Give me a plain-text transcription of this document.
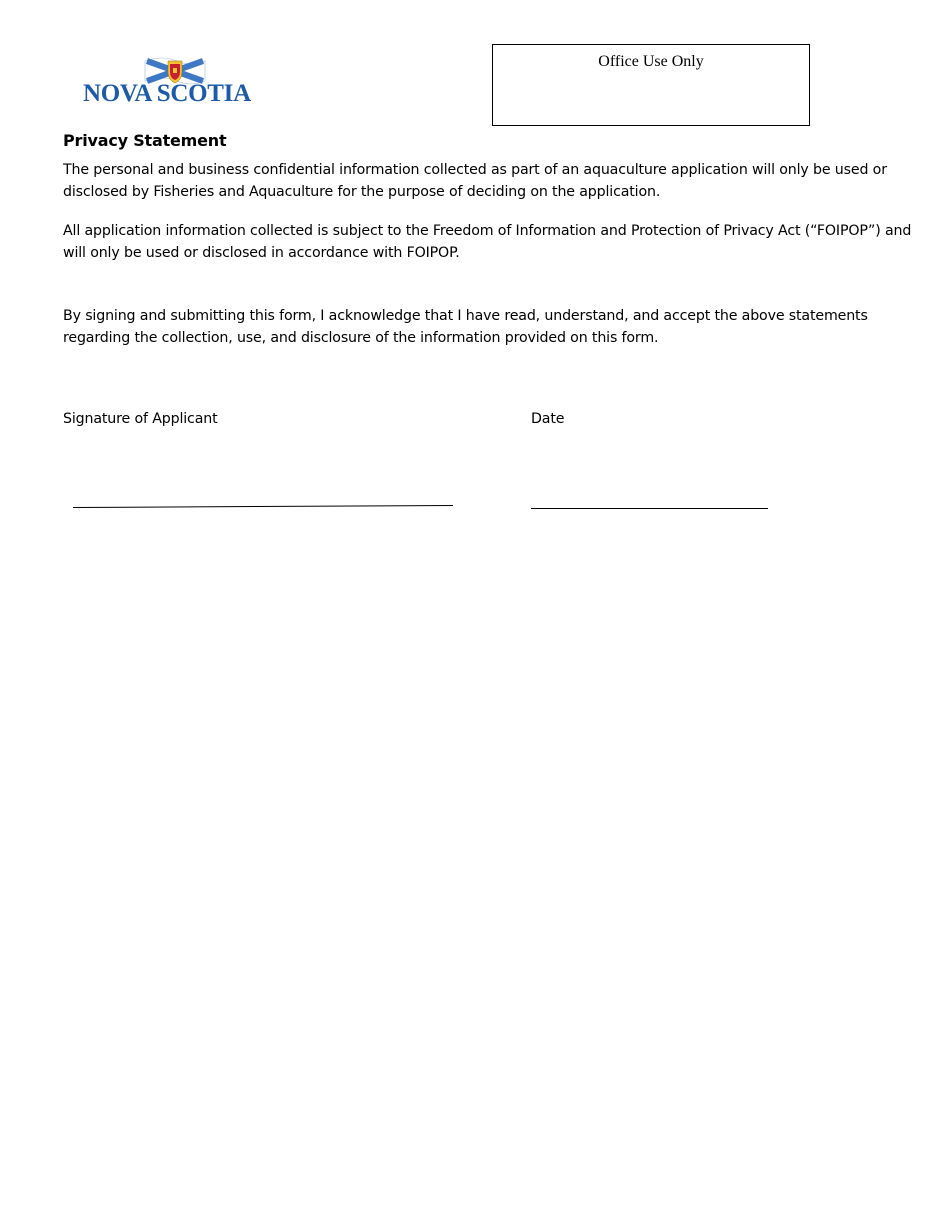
NOVA SCOTIA
Office Use Only
Privacy Statement

The personal and business confidential information collected as part of an aquaculture application will only be used or disclosed by Fisheries and Aquaculture for the purpose of deciding on the application.

All application information collected is subject to the Freedom of Information and Protection of Privacy Act (“FOIPOP”) and will only be used or disclosed in accordance with FOIPOP.

By signing and submitting this form, I acknowledge that I have read, understand, and accept the above statements regarding the collection, use, and disclosure of the information provided on this form.

Signature of Applicant	Date
